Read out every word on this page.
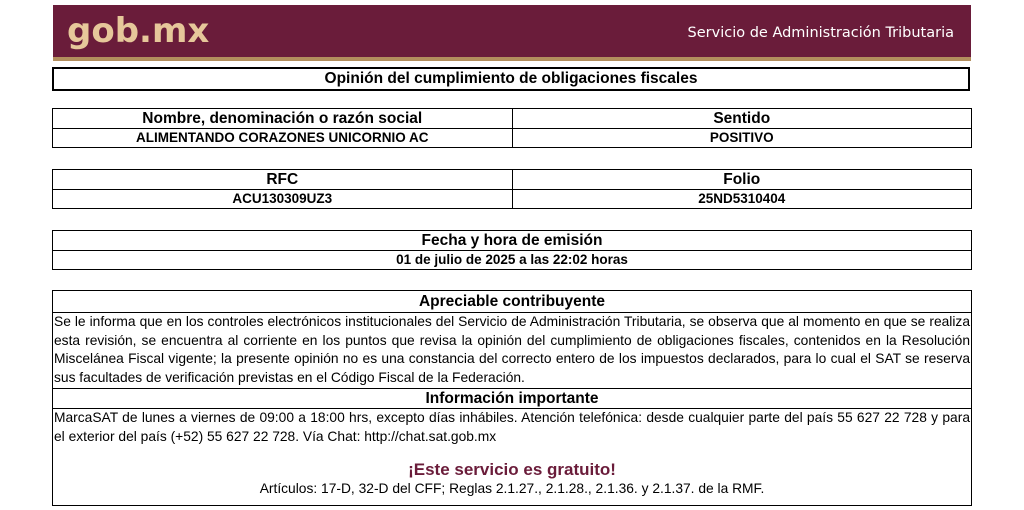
gob.mx	Servicio de Administración Tributaria
Opinión del cumplimiento de obligaciones fiscales
Nombre, denominación o razón social	Sentido
ALIMENTANDO CORAZONES UNICORNIO AC	POSITIVO
RFC	Folio
ACU130309UZ3	25ND5310404
Fecha y hora de emisión
01 de julio de 2025 a las 22:02 horas
Apreciable contribuyente
Se le informa que en los controles electrónicos institucionales del Servicio de Administración Tributaria, se observa que al momento en que se realiza esta revisión, se encuentra al corriente en los puntos que revisa la opinión del cumplimiento de obligaciones fiscales, contenidos en la Resolución Miscelánea Fiscal vigente; la presente opinión no es una constancia del correcto entero de los impuestos declarados, para lo cual el SAT se reserva sus facultades de verificación previstas en el Código Fiscal de la Federación.
Información importante
MarcaSAT de lunes a viernes de 09:00 a 18:00 hrs, excepto días inhábiles. Atención telefónica: desde cualquier parte del país 55 627 22 728 y para el exterior del país (+52) 55 627 22 728. Vía Chat: http://chat.sat.gob.mx
¡Este servicio es gratuito!
Artículos: 17-D, 32-D del CFF; Reglas 2.1.27., 2.1.28., 2.1.36. y 2.1.37. de la RMF.
